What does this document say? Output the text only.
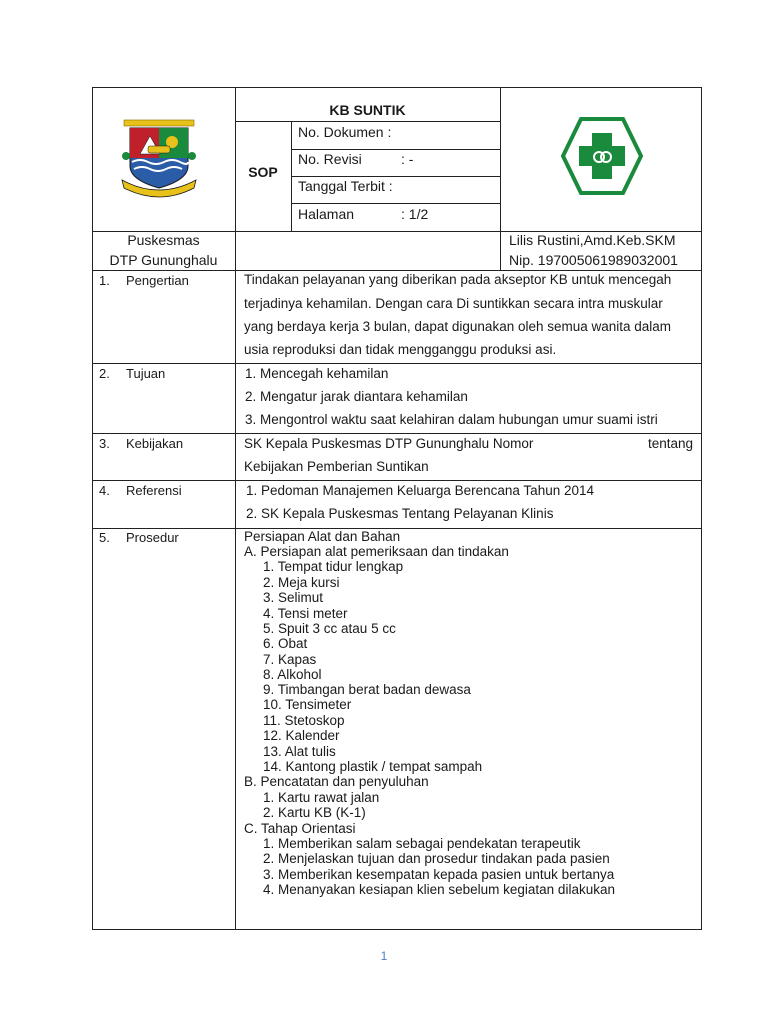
KB SUNTIK
SOP
No. Dokumen :
No. Revisi	: -
Tanggal Terbit :
Halaman	: 1/2
Puskesmas
DTP Gununghalu
Lilis Rustini,Amd.Keb.SKM
Nip. 197005061989032001
1. Pengertian	Tindakan pelayanan yang diberikan pada akseptor KB untuk mencegah
terjadinya kehamilan. Dengan cara Di suntikkan secara intra muskular
yang berdaya kerja 3 bulan, dapat digunakan oleh semua wanita dalam
usia reproduksi dan tidak mengganggu produksi asi.
2. Tujuan	1. Mencegah kehamilan
2. Mengatur jarak diantara kehamilan
3. Mengontrol waktu saat kelahiran dalam hubungan umur suami istri
3. Kebijakan	SK Kepala Puskesmas DTP Gununghalu Nomor	tentang
Kebijakan Pemberian Suntikan
4. Referensi	1. Pedoman Manajemen Keluarga Berencana Tahun 2014
2. SK Kepala Puskesmas Tentang Pelayanan Klinis
5. Prosedur	Persiapan Alat dan Bahan
A. Persiapan alat pemeriksaan dan tindakan
1. Tempat tidur lengkap
2. Meja kursi
3. Selimut
4. Tensi meter
5. Spuit 3 cc atau 5 cc
6. Obat
7. Kapas
8. Alkohol
9. Timbangan berat badan dewasa
10. Tensimeter
11. Stetoskop
12. Kalender
13. Alat tulis
14. Kantong plastik / tempat sampah
B. Pencatatan dan penyuluhan
1. Kartu rawat jalan
2. Kartu KB (K-1)
C. Tahap Orientasi
1. Memberikan salam sebagai pendekatan terapeutik
2. Menjelaskan tujuan dan prosedur tindakan pada pasien
3. Memberikan kesempatan kepada pasien untuk bertanya
4. Menanyakan kesiapan klien sebelum kegiatan dilakukan
1
